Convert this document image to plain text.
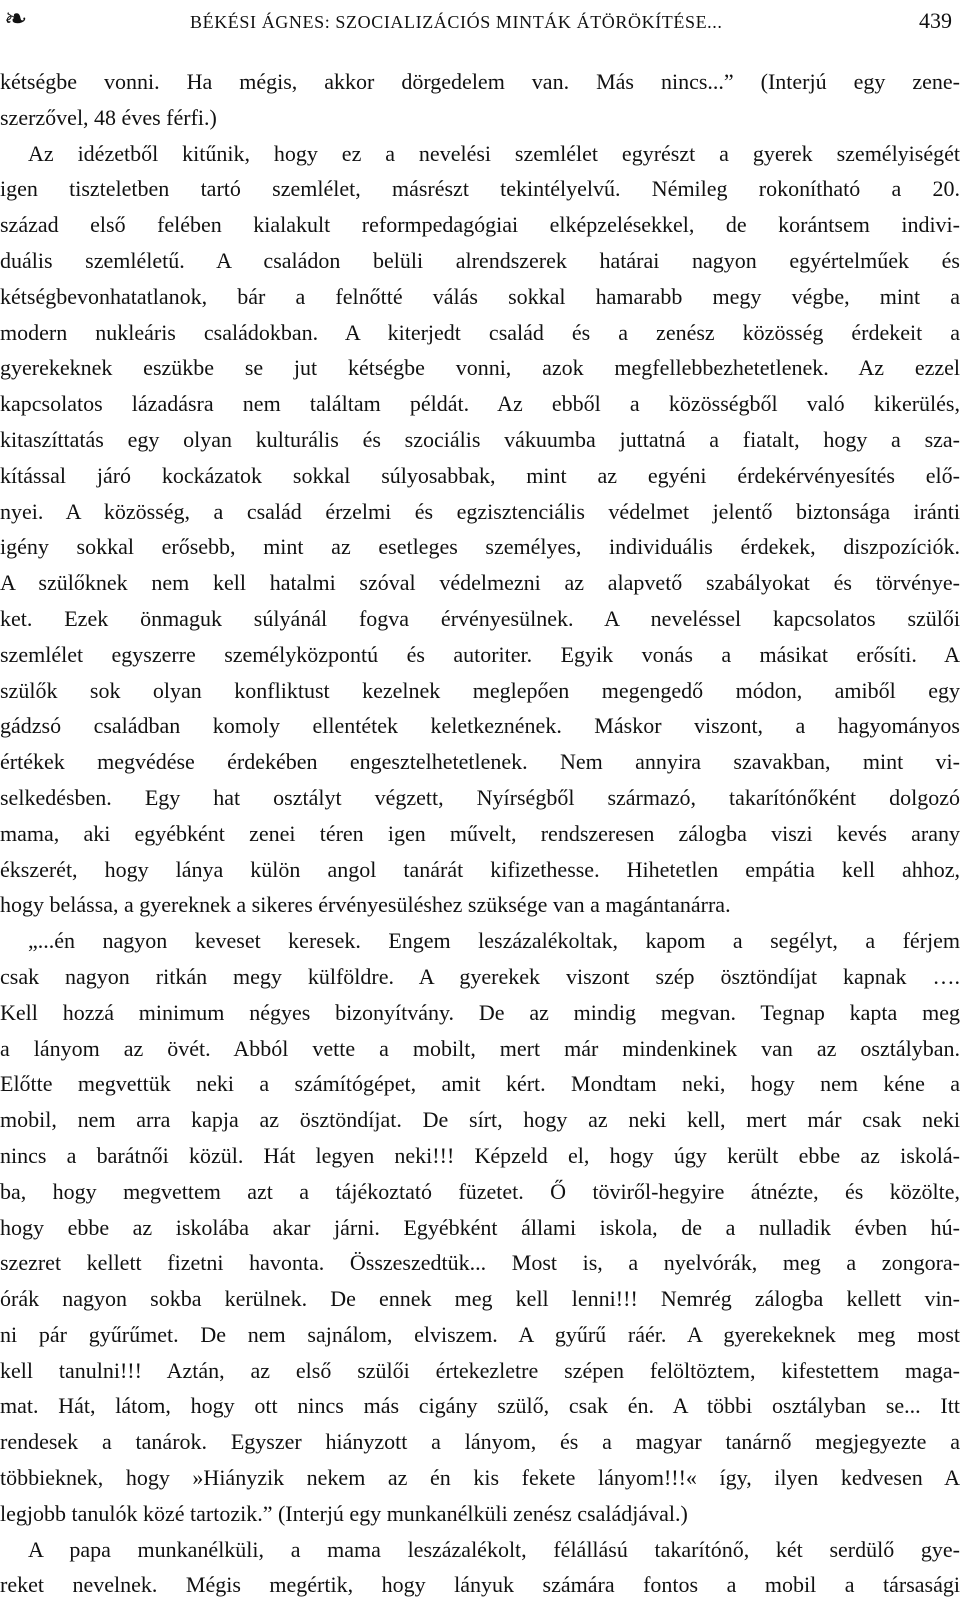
❧	BÉKÉSI ÁGNES: SZOCIALIZÁCIÓS MINTÁK ÁTÖRÖKÍTÉSE...	439
kétségbe vonni. Ha mégis, akkor dörgedelem van. Más nincs...” (Interjú egy zene-
szerzővel, 48 éves férfi.)
Az idézetből kitűnik, hogy ez a nevelési szemlélet egyrészt a gyerek személyiségét
igen tiszteletben tartó szemlélet, másrészt tekintélyelvű. Némileg rokonítható a 20.
század első felében kialakult reformpedagógiai elképzelésekkel, de korántsem indivi-
duális szemléletű. A családon belüli alrendszerek határai nagyon egyértelműek és
kétségbevonhatatlanok, bár a felnőtté válás sokkal hamarabb megy végbe, mint a
modern nukleáris családokban. A kiterjedt család és a zenész közösség érdekeit a
gyerekeknek eszükbe se jut kétségbe vonni, azok megfellebbezhetetlenek. Az ezzel
kapcsolatos lázadásra nem találtam példát. Az ebből a közösségből való kikerülés,
kitaszíttatás egy olyan kulturális és szociális vákuumba juttatná a fiatalt, hogy a sza-
kítással járó kockázatok sokkal súlyosabbak, mint az egyéni érdekérvényesítés elő-
nyei. A közösség, a család érzelmi és egzisztenciális védelmet jelentő biztonsága iránti
igény sokkal erősebb, mint az esetleges személyes, individuális érdekek, diszpozíciók.
A szülőknek nem kell hatalmi szóval védelmezni az alapvető szabályokat és törvénye-
ket. Ezek önmaguk súlyánál fogva érvényesülnek. A neveléssel kapcsolatos szülői
szemlélet egyszerre személyközpontú és autoriter. Egyik vonás a másikat erősíti. A
szülők sok olyan konfliktust kezelnek meglepően megengedő módon, amiből egy
gádzsó családban komoly ellentétek keletkeznének. Máskor viszont, a hagyományos
értékek megvédése érdekében engesztelhetetlenek. Nem annyira szavakban, mint vi-
selkedésben. Egy hat osztályt végzett, Nyírségből származó, takarítónőként dolgozó
mama, aki egyébként zenei téren igen művelt, rendszeresen zálogba viszi kevés arany
ékszerét, hogy lánya külön angol tanárát kifizethesse. Hihetetlen empátia kell ahhoz,
hogy belássa, a gyereknek a sikeres érvényesüléshez szüksége van a magántanárra.
„...én nagyon keveset keresek. Engem leszázalékoltak, kapom a segélyt, a férjem
csak nagyon ritkán megy külföldre. A gyerekek viszont szép ösztöndíjat kapnak ….
Kell hozzá minimum négyes bizonyítvány. De az mindig megvan. Tegnap kapta meg
a lányom az övét. Abból vette a mobilt, mert már mindenkinek van az osztályban.
Előtte megvettük neki a számítógépet, amit kért. Mondtam neki, hogy nem kéne a
mobil, nem arra kapja az ösztöndíjat. De sírt, hogy az neki kell, mert már csak neki
nincs a barátnői közül. Hát legyen neki!!! Képzeld el, hogy úgy került ebbe az iskolá-
ba, hogy megvettem azt a tájékoztató füzetet. Ő töviről-hegyire átnézte, és közölte,
hogy ebbe az iskolába akar járni. Egyébként állami iskola, de a nulladik évben hú-
szezret kellett fizetni havonta. Összeszedtük... Most is, a nyelvórák, meg a zongora-
órák nagyon sokba kerülnek. De ennek meg kell lenni!!! Nemrég zálogba kellett vin-
ni pár gyűrűmet. De nem sajnálom, elviszem. A gyűrű ráér. A gyerekeknek meg most
kell tanulni!!! Aztán, az első szülői értekezletre szépen felöltöztem, kifestettem maga-
mat. Hát, látom, hogy ott nincs más cigány szülő, csak én. A többi osztályban se... Itt
rendesek a tanárok. Egyszer hiányzott a lányom, és a magyar tanárnő megjegyezte a
többieknek, hogy »Hiányzik nekem az én kis fekete lányom!!!« így, ilyen kedvesen A
legjobb tanulók közé tartozik.” (Interjú egy munkanélküli zenész családjával.)
A papa munkanélküli, a mama leszázalékolt, félállású takarítónő, két serdülő gye-
reket nevelnek. Mégis megértik, hogy lányuk számára fontos a mobil a társasági
